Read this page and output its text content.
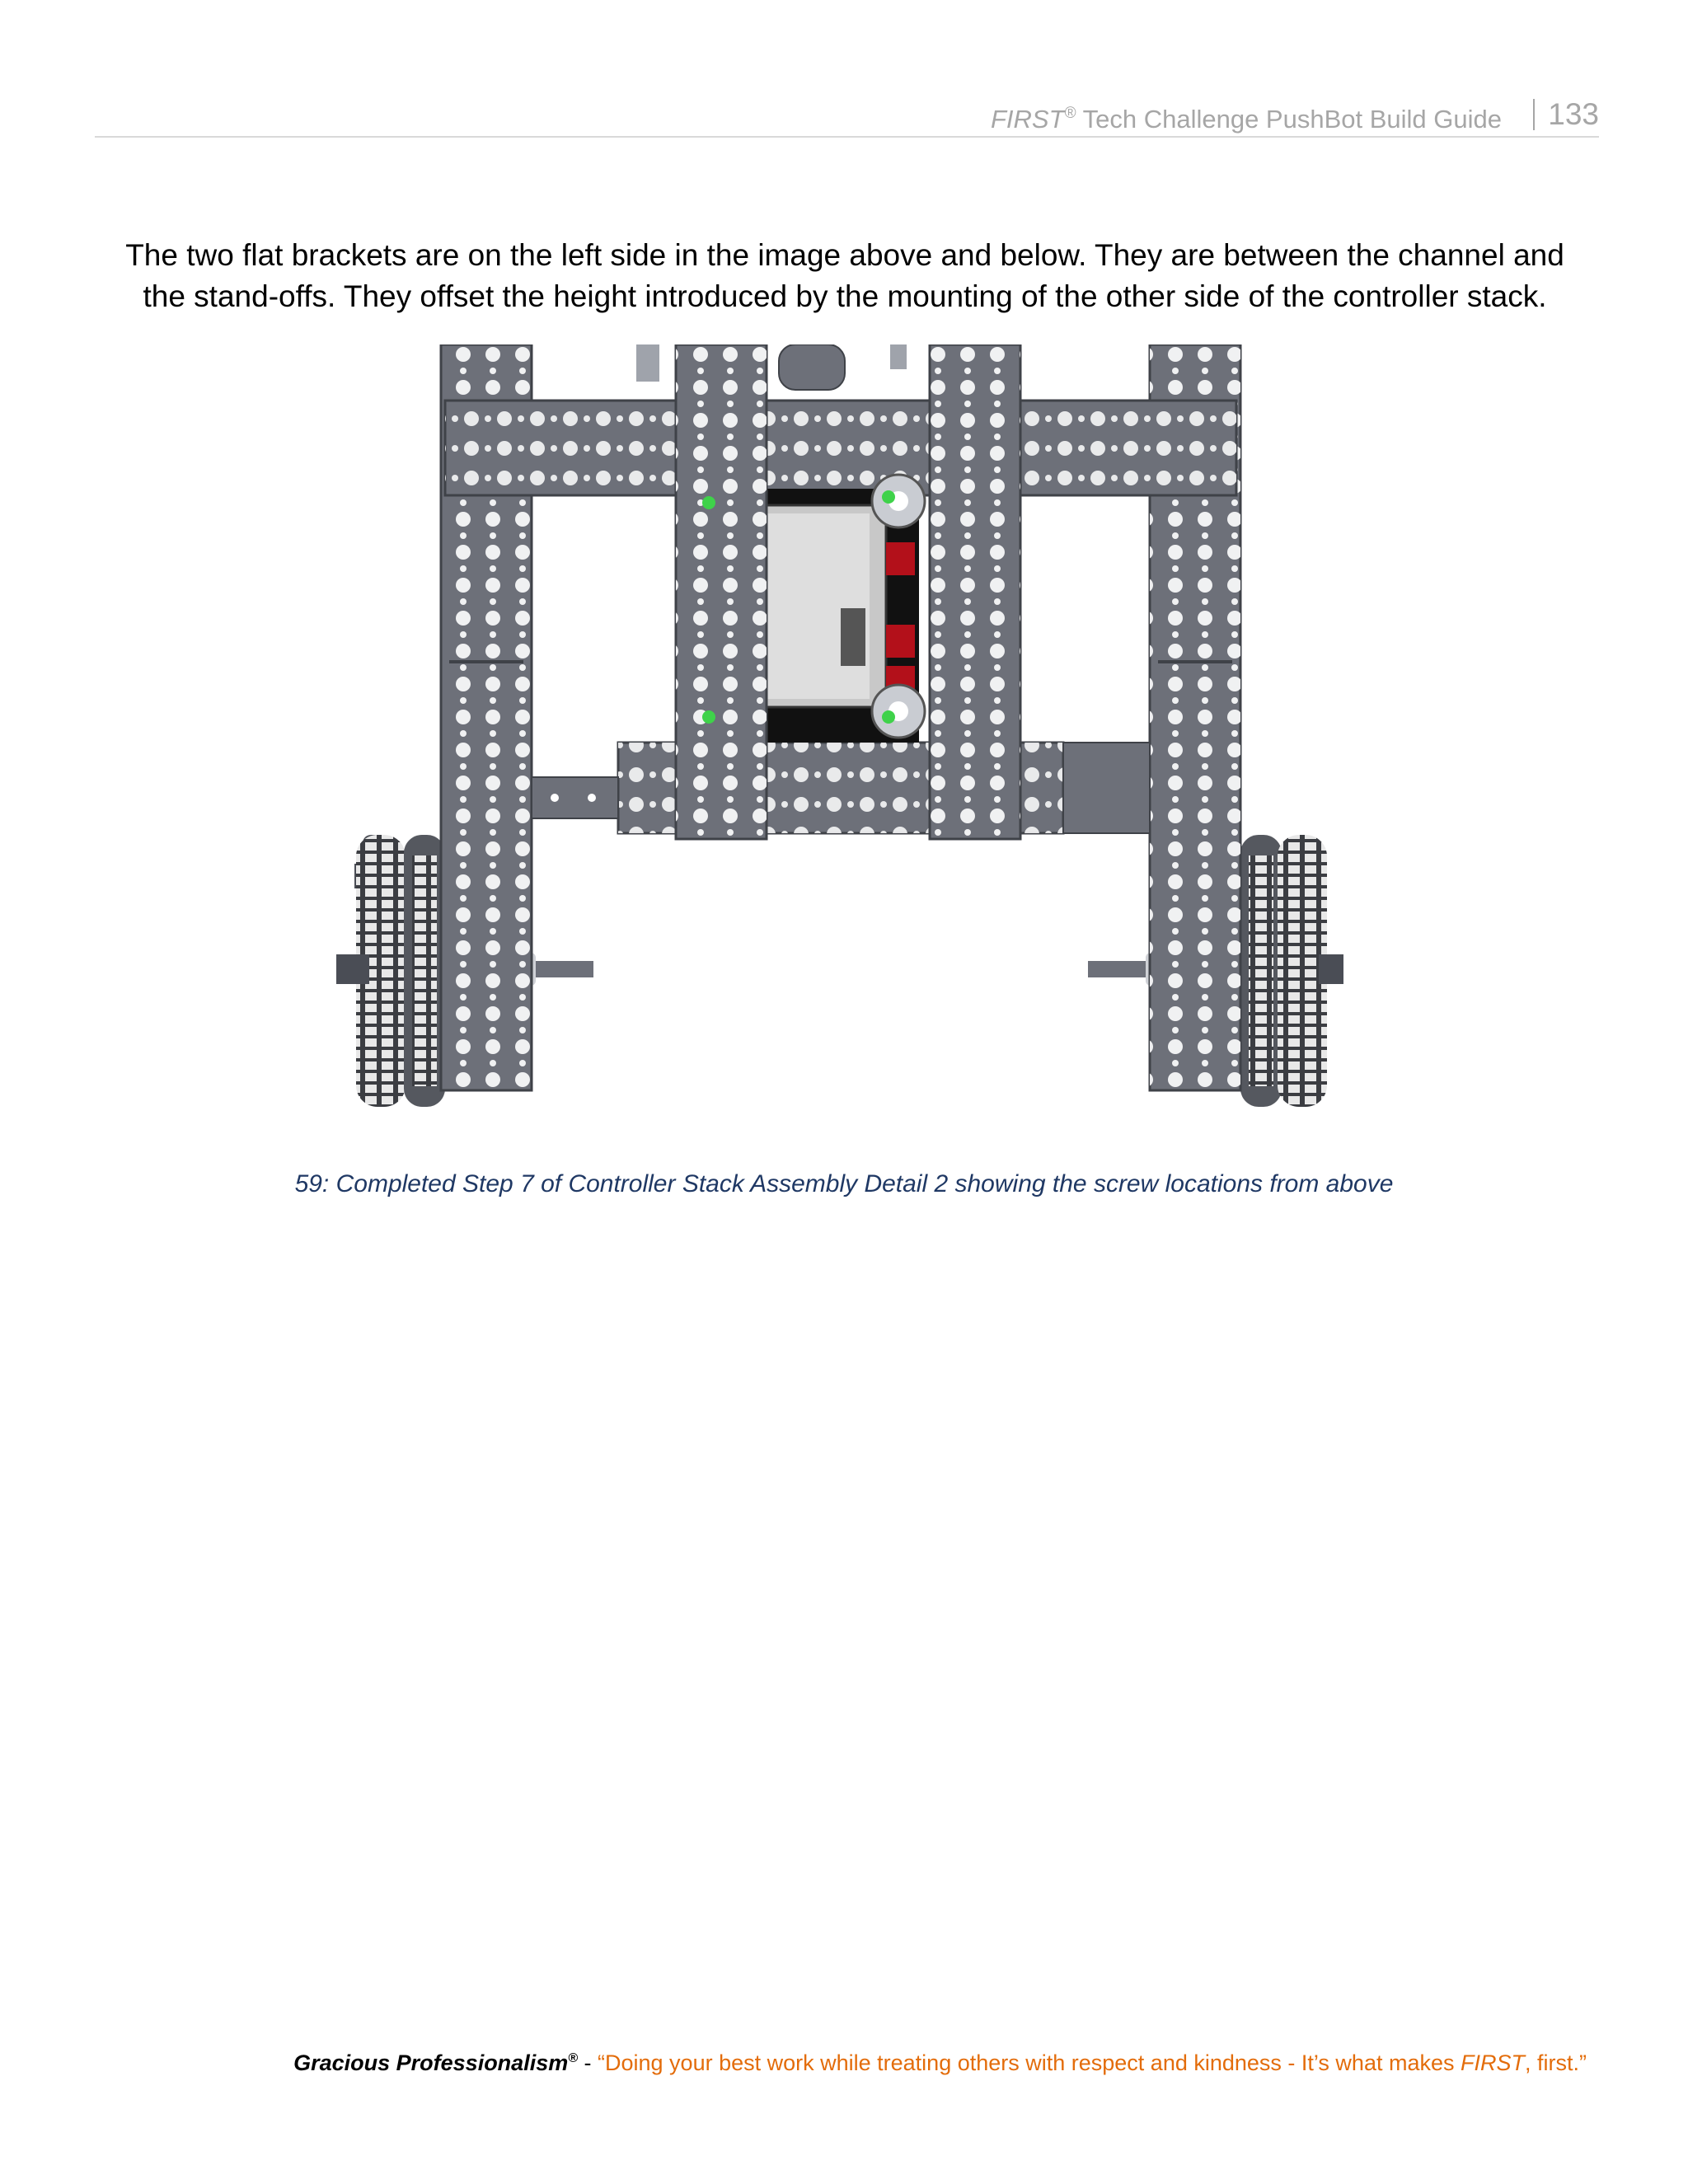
FIRST® Tech Challenge PushBot Build Guide 133
The two flat brackets are on the left side in the image above and below. They are between the channel and
the stand-offs. They offset the height introduced by the mounting of the other side of the controller stack.
59: Completed Step 7 of Controller Stack Assembly Detail 2 showing the screw locations from above
Gracious Professionalism® - “Doing your best work while treating others with respect and kindness - It’s what makes FIRST, first.”
